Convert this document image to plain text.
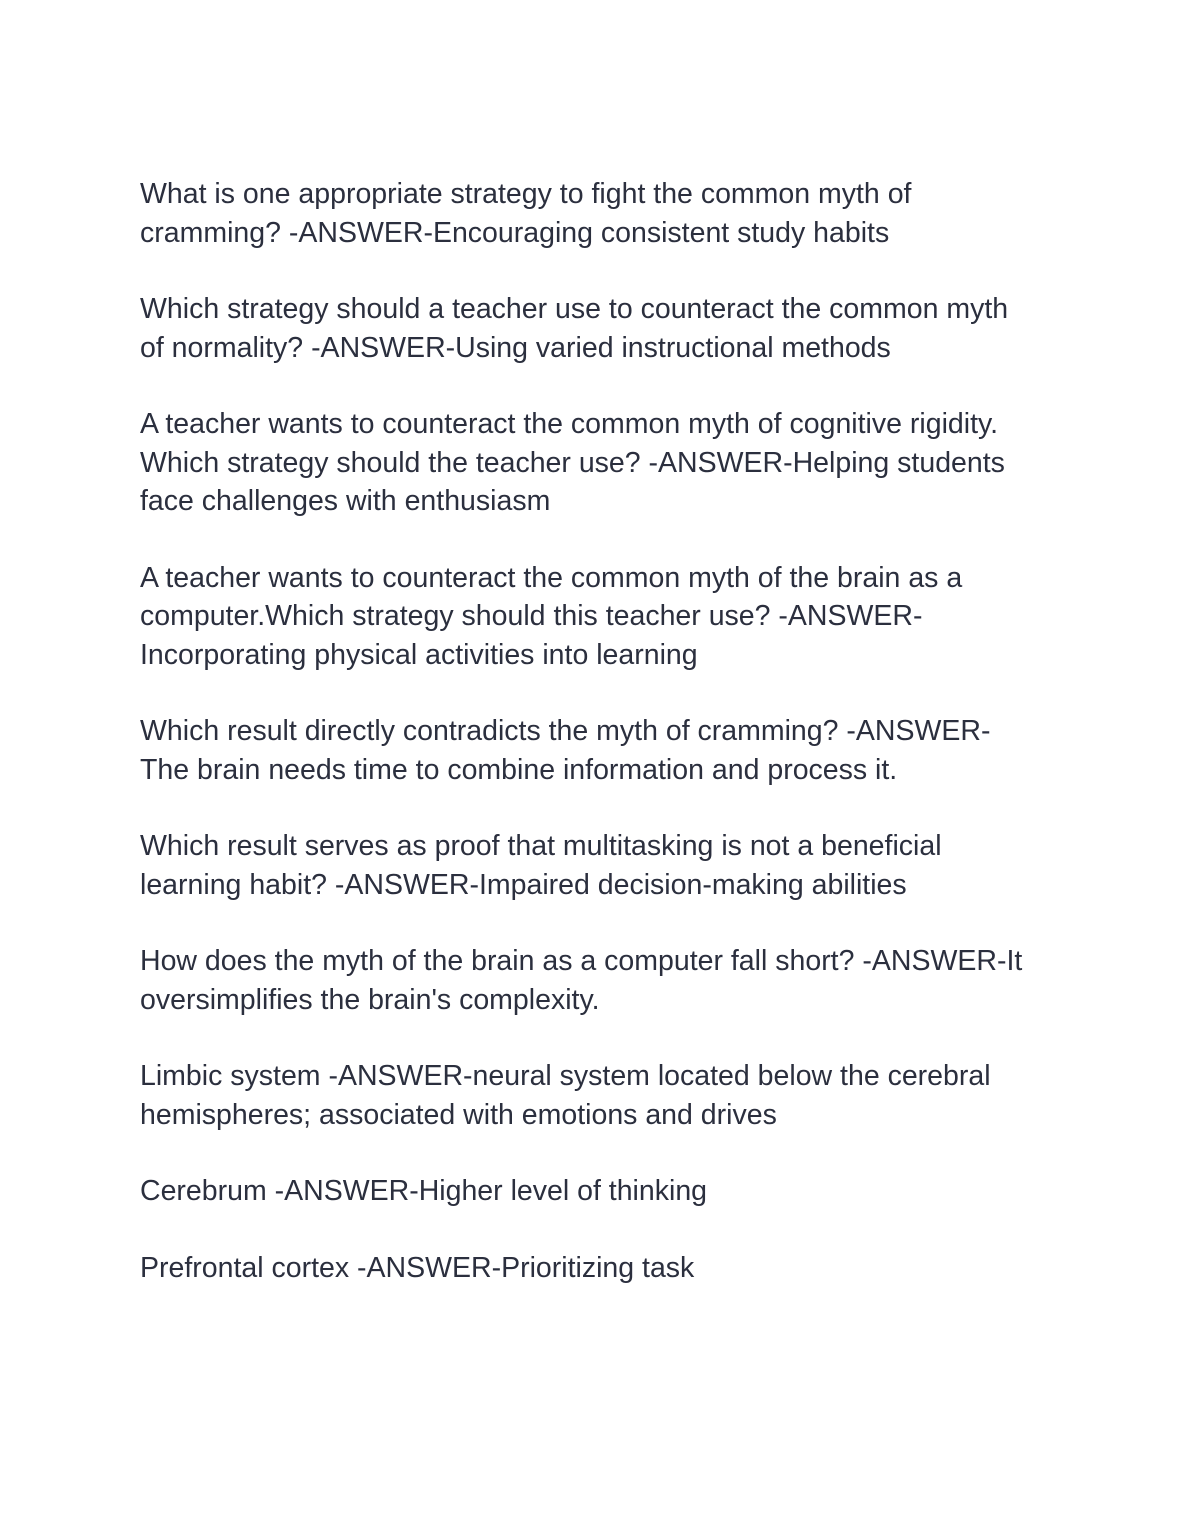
What is one appropriate strategy to fight the common myth of
cramming? -ANSWER-Encouraging consistent study habits

Which strategy should a teacher use to counteract the common myth
of normality? -ANSWER-Using varied instructional methods

A teacher wants to counteract the common myth of cognitive rigidity.
Which strategy should the teacher use? -ANSWER-Helping students
face challenges with enthusiasm

A teacher wants to counteract the common myth of the brain as a
computer.Which strategy should this teacher use? -ANSWER-
Incorporating physical activities into learning

Which result directly contradicts the myth of cramming? -ANSWER-
The brain needs time to combine information and process it.

Which result serves as proof that multitasking is not a beneficial
learning habit? -ANSWER-Impaired decision-making abilities

How does the myth of the brain as a computer fall short? -ANSWER-It
oversimplifies the brain's complexity.

Limbic system -ANSWER-neural system located below the cerebral
hemispheres; associated with emotions and drives

Cerebrum -ANSWER-Higher level of thinking

Prefrontal cortex -ANSWER-Prioritizing task
